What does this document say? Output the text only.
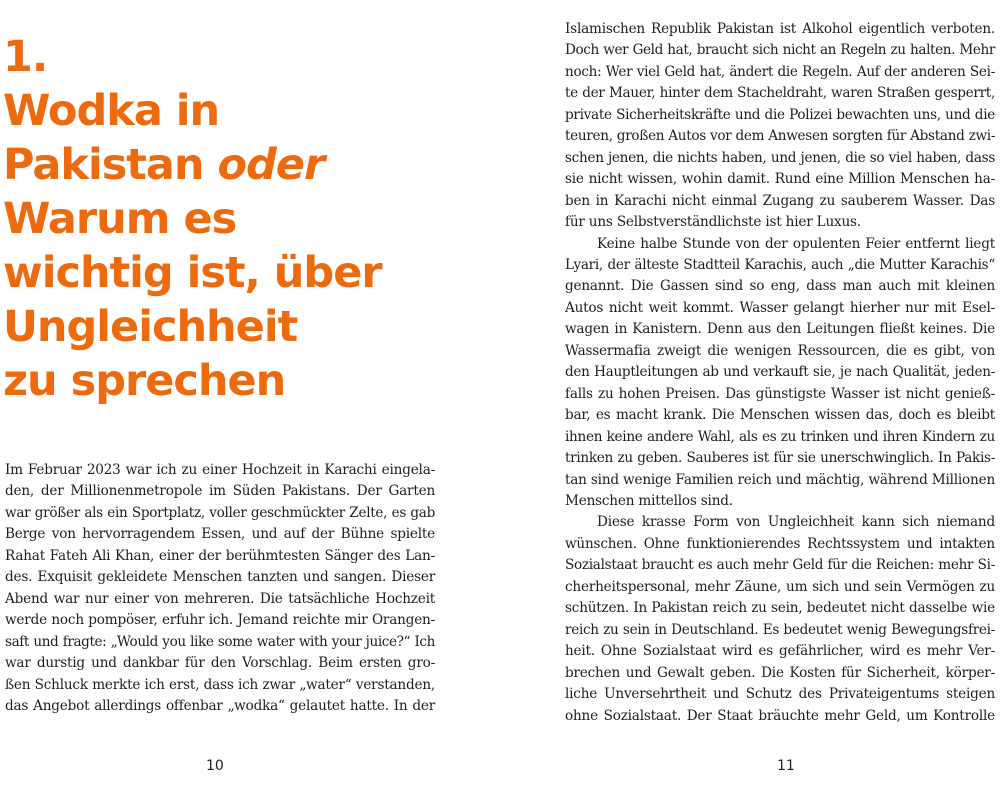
1.
Wodka in
Pakistan oder
Warum es
wichtig ist, über
Ungleichheit
zu sprechen
Im Februar 2023 war ich zu einer Hochzeit in Karachi eingela-
den, der Millionenmetropole im Süden Pakistans. Der Garten
war größer als ein Sportplatz, voller geschmückter Zelte, es gab
Berge von hervorragendem Essen, und auf der Bühne spielte
Rahat Fateh Ali Khan, einer der berühmtesten Sänger des Lan-
des. Exquisit gekleidete Menschen tanzten und sangen. Dieser
Abend war nur einer von mehreren. Die tatsächliche Hochzeit
werde noch pompöser, erfuhr ich. Jemand reichte mir Orangen-
saft und fragte: „Would you like some water with your juice?“ Ich
war durstig und dankbar für den Vorschlag. Beim ersten gro-
ßen Schluck merkte ich erst, dass ich zwar „water“ verstanden,
das Angebot allerdings offenbar „wodka“ gelautet hatte. In der
10
Islamischen Republik Pakistan ist Alkohol eigentlich verboten.
Doch wer Geld hat, braucht sich nicht an Regeln zu halten. Mehr
noch: Wer viel Geld hat, ändert die Regeln. Auf der anderen Sei-
te der Mauer, hinter dem Stacheldraht, waren Straßen gesperrt,
private Sicherheitskräfte und die Polizei bewachten uns, und die
teuren, großen Autos vor dem Anwesen sorgten für Abstand zwi-
schen jenen, die nichts haben, und jenen, die so viel haben, dass
sie nicht wissen, wohin damit. Rund eine Million Menschen ha-
ben in Karachi nicht einmal Zugang zu sauberem Wasser. Das
für uns Selbstverständlichste ist hier Luxus.
Keine halbe Stunde von der opulenten Feier entfernt liegt
Lyari, der älteste Stadtteil Karachis, auch „die Mutter Karachis“
genannt. Die Gassen sind so eng, dass man auch mit kleinen
Autos nicht weit kommt. Wasser gelangt hierher nur mit Esel-
wagen in Kanistern. Denn aus den Leitungen fließt keines. Die
Wassermafia zweigt die wenigen Ressourcen, die es gibt, von
den Hauptleitungen ab und verkauft sie, je nach Qualität, jeden-
falls zu hohen Preisen. Das günstigste Wasser ist nicht genieß-
bar, es macht krank. Die Menschen wissen das, doch es bleibt
ihnen keine andere Wahl, als es zu trinken und ihren Kindern zu
trinken zu geben. Sauberes ist für sie unerschwinglich. In Pakis-
tan sind wenige Familien reich und mächtig, während Millionen
Menschen mittellos sind.
Diese krasse Form von Ungleichheit kann sich niemand
wünschen. Ohne funktionierendes Rechtssystem und intakten
Sozialstaat braucht es auch mehr Geld für die Reichen: mehr Si-
cherheitspersonal, mehr Zäune, um sich und sein Vermögen zu
schützen. In Pakistan reich zu sein, bedeutet nicht dasselbe wie
reich zu sein in Deutschland. Es bedeutet wenig Bewegungsfrei-
heit. Ohne Sozialstaat wird es gefährlicher, wird es mehr Ver-
brechen und Gewalt geben. Die Kosten für Sicherheit, körper-
liche Unversehrtheit und Schutz des Privateigentums steigen
ohne Sozialstaat. Der Staat bräuchte mehr Geld, um Kontrolle
11
